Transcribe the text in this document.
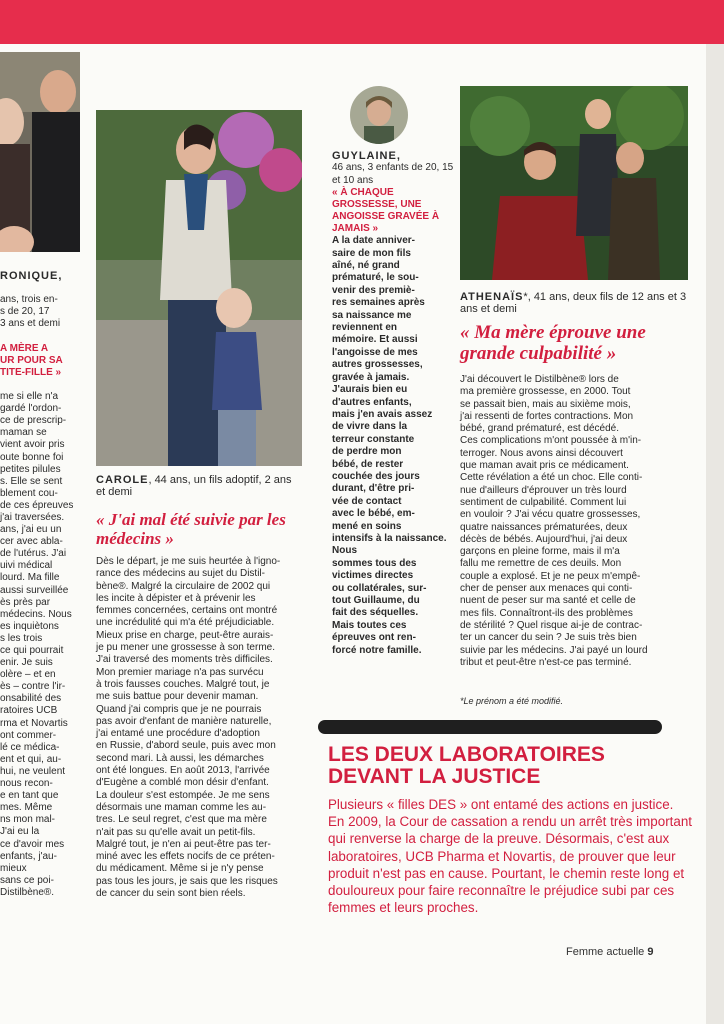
RONIQUE,

ans, trois en-
s de 20, 17
3 ans et demi

A MÈRE A
UR POUR SA
TITE-FILLE »

me si elle n'a
gardé l'ordon-
ce de prescrip-
maman se
vient avoir pris
oute bonne foi
petites pilules
s. Elle se sent
blement cou-
de ces épreuves
j'ai traversées.
ans, j'ai eu un
cer avec abla-
de l'utérus. J'ai
uivi médical
lourd. Ma fille
aussi surveillée
ès près par
médecins. Nous
es inquiètons
s les trois
ce qui pourrait
enir. Je suis
olère – et en
ès – contre l'ir-
onsabilité des
ratoires UCB
rma et Novartis
ont commer-
lé ce médica-
ent et qui, au-
hui, ne veulent
nous recon-
e en tant que
mes. Même
ns mon mal-
J'ai eu la
ce d'avoir mes
enfants, j'au-
mieux
sans ce poi-
Distilbène®.

CAROLE, 44 ans, un fils adoptif, 2 ans et demi
« J'ai mal été suivie par les médecins »
Dès le départ, je me suis heurtée à l'igno-
rance des médecins au sujet du Distil-
bène®. Malgré la circulaire de 2002 qui
les incite à dépister et à prévenir les
femmes concernées, certains ont montré
une incrédulité qui m'a été préjudiciable.
Mieux prise en charge, peut-être aurais-
je pu mener une grossesse à son terme.
J'ai traversé des moments très difficiles.
Mon premier mariage n'a pas survécu
à trois fausses couches. Malgré tout, je
me suis battue pour devenir maman.
Quand j'ai compris que je ne pourrais
pas avoir d'enfant de manière naturelle,
j'ai entamé une procédure d'adoption
en Russie, d'abord seule, puis avec mon
second mari. Là aussi, les démarches
ont été longues. En août 2013, l'arrivée
d'Eugène a comblé mon désir d'enfant.
La douleur s'est estompée. Je me sens
désormais une maman comme les au-
tres. Le seul regret, c'est que ma mère
n'ait pas su qu'elle avait un petit-fils.
Malgré tout, je n'en ai peut-être pas ter-
miné avec les effets nocifs de ce préten-
du médicament. Même si je n'y pense
pas tous les jours, je sais que les risques
de cancer du sein sont bien réels.
GUYLAINE,
46 ans, 3 enfants de 20, 15 et 10 ans
« À CHAQUE GROSSESSE, UNE ANGOISSE GRAVÉE À JAMAIS »
A la date anniver-
saire de mon fils
aîné, né grand
prématuré, le sou-
venir des premiè-
res semaines après
sa naissance me
reviennent en
mémoire. Et aussi
l'angoisse de mes
autres grossesses,
gravée à jamais.
J'aurais bien eu
d'autres enfants,
mais j'en avais assez
de vivre dans la
terreur constante
de perdre mon
bébé, de rester
couchée des jours
durant, d'être pri-
vée de contact
avec le bébé, em-
mené en soins
intensifs à la naissance.
Nous
sommes tous des
victimes directes
ou collatérales, sur-
tout Guillaume, du
fait des séquelles.
Mais toutes ces
épreuves ont ren-
forcé notre famille.
ATHENAÏS*, 41 ans, deux fils de 12 ans et 3 ans et demi
« Ma mère éprouve une grande culpabilité »
J'ai découvert le Distilbène® lors de
ma première grossesse, en 2000. Tout
se passait bien, mais au sixième mois,
j'ai ressenti de fortes contractions. Mon
bébé, grand prématuré, est décédé.
Ces complications m'ont poussée à m'in-
terroger. Nous avons ainsi découvert
que maman avait pris ce médicament.
Cette révélation a été un choc. Elle conti-
nue d'ailleurs d'éprouver un très lourd
sentiment de culpabilité. Comment lui
en vouloir ? J'ai vécu quatre grossesses,
quatre naissances prématurées, deux
décès de bébés. Aujourd'hui, j'ai deux
garçons en pleine forme, mais il m'a
fallu me remettre de ces deuils. Mon
couple a explosé. Et je ne peux m'empê-
cher de penser aux menaces qui conti-
nuent de peser sur ma santé et celle de
mes fils. Connaîtront-ils des problèmes
de stérilité ? Quel risque ai-je de contrac-
ter un cancer du sein ? Je suis très bien
suivie par les médecins. J'ai payé un lourd
tribut et peut-être n'est-ce pas terminé.
*Le prénom a été modifié.
LES DEUX LABORATOIRES
DEVANT LA JUSTICE
Plusieurs « filles DES » ont entamé des actions en justice. En 2009, la Cour de cassation a rendu un arrêt très important qui renverse la charge de la preuve. Désormais, c'est aux laboratoires, UCB Pharma et Novartis, de prouver que leur produit n'est pas en cause. Pourtant, le chemin reste long et douloureux pour faire reconnaître le préjudice subi par ces femmes et leurs proches.
Femme actuelle 9
